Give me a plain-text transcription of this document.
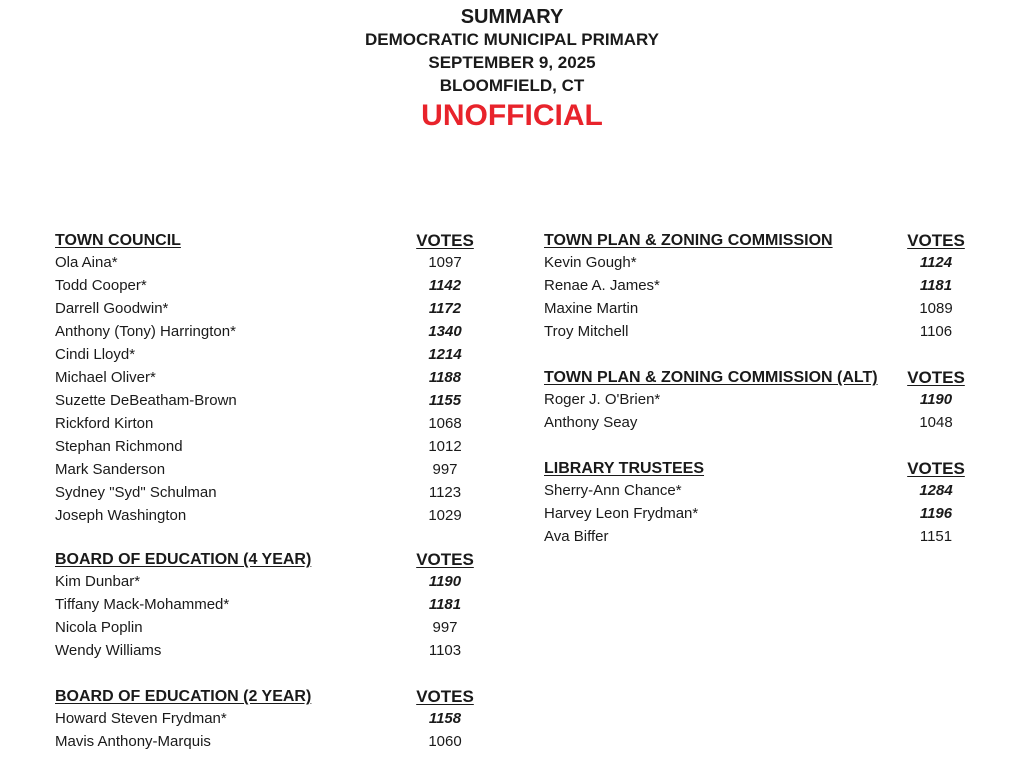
SUMMARY
DEMOCRATIC MUNICIPAL PRIMARY
SEPTEMBER 9, 2025
BLOOMFIELD, CT
UNOFFICIAL
TOWN COUNCIL	VOTES
Ola Aina*	1097
Todd Cooper*	1142
Darrell Goodwin*	1172
Anthony (Tony) Harrington*	1340
Cindi Lloyd*	1214
Michael Oliver*	1188
Suzette DeBeatham-Brown	1155
Rickford Kirton	1068
Stephan Richmond	1012
Mark Sanderson	997
Sydney "Syd" Schulman	1123
Joseph Washington	1029
BOARD OF EDUCATION (4 YEAR)	VOTES
Kim Dunbar*	1190
Tiffany Mack-Mohammed*	1181
Nicola Poplin	997
Wendy Williams	1103
BOARD OF EDUCATION (2 YEAR)	VOTES
Howard Steven Frydman*	1158
Mavis Anthony-Marquis	1060
TOWN PLAN & ZONING COMMISSION	VOTES
Kevin Gough*	1124
Renae A. James*	1181
Maxine Martin	1089
Troy Mitchell	1106
TOWN PLAN & ZONING COMMISSION (ALT) VOTES
Roger J. O'Brien*	1190
Anthony Seay	1048
LIBRARY TRUSTEES	VOTES
Sherry-Ann Chance*	1284
Harvey Leon Frydman*	1196
Ava Biffer	1151
